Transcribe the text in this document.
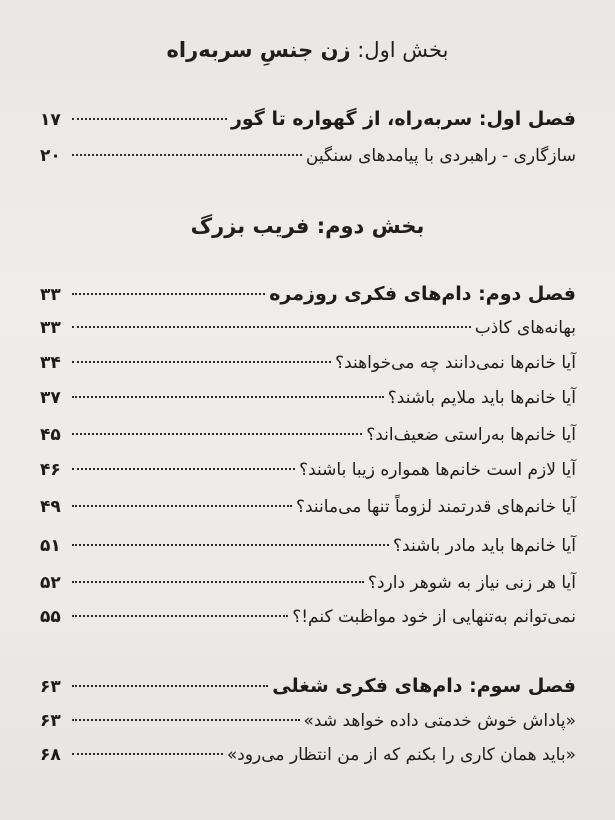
بخش اول: زن جنسِ سربه‌راه
فصل اول: سربه‌راه، از گهواره تا گور
۱۷
سازگاری - راهبردی با پیامدهای سنگین
۲۰
بخش دوم: فریب بزرگ
فصل دوم: دام‌های فکری روزمره
۳۳
بهانه‌های کاذب
۳۳
آیا خانم‌ها نمی‌دانند چه می‌خواهند؟
۳۴
آیا خانم‌ها باید ملایم باشند؟
۳۷
آیا خانم‌ها به‌راستی ضعیف‌اند؟
۴۵
آیا لازم است خانم‌ها همواره زیبا باشند؟
۴۶
آیا خانم‌های قدرتمند لزوماً تنها می‌مانند؟
۴۹
آیا خانم‌ها باید مادر باشند؟
۵۱
آیا هر زنی نیاز به شوهر دارد؟
۵۲
نمی‌توانم به‌تنهایی از خود مواظبت کنم!؟
۵۵
فصل سوم: دام‌های فکری شغلی
۶۳
«پاداش خوش خدمتی داده خواهد شد»
۶۳
«باید همان کاری را بکنم که از من انتظار می‌رود»
۶۸
